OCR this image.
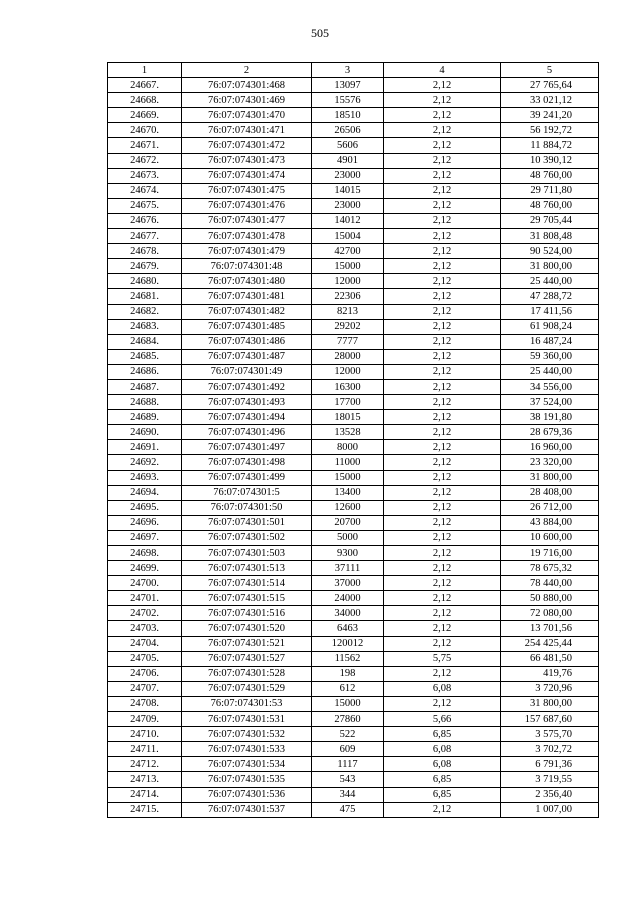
505
1	2	3	4	5
24667.	76:07:074301:468	13097	2,12	27 765,64
24668.	76:07:074301:469	15576	2,12	33 021,12
24669.	76:07:074301:470	18510	2,12	39 241,20
24670.	76:07:074301:471	26506	2,12	56 192,72
24671.	76:07:074301:472	5606	2,12	11 884,72
24672.	76:07:074301:473	4901	2,12	10 390,12
24673.	76:07:074301:474	23000	2,12	48 760,00
24674.	76:07:074301:475	14015	2,12	29 711,80
24675.	76:07:074301:476	23000	2,12	48 760,00
24676.	76:07:074301:477	14012	2,12	29 705,44
24677.	76:07:074301:478	15004	2,12	31 808,48
24678.	76:07:074301:479	42700	2,12	90 524,00
24679.	76:07:074301:48	15000	2,12	31 800,00
24680.	76:07:074301:480	12000	2,12	25 440,00
24681.	76:07:074301:481	22306	2,12	47 288,72
24682.	76:07:074301:482	8213	2,12	17 411,56
24683.	76:07:074301:485	29202	2,12	61 908,24
24684.	76:07:074301:486	7777	2,12	16 487,24
24685.	76:07:074301:487	28000	2,12	59 360,00
24686.	76:07:074301:49	12000	2,12	25 440,00
24687.	76:07:074301:492	16300	2,12	34 556,00
24688.	76:07:074301:493	17700	2,12	37 524,00
24689.	76:07:074301:494	18015	2,12	38 191,80
24690.	76:07:074301:496	13528	2,12	28 679,36
24691.	76:07:074301:497	8000	2,12	16 960,00
24692.	76:07:074301:498	11000	2,12	23 320,00
24693.	76:07:074301:499	15000	2,12	31 800,00
24694.	76:07:074301:5	13400	2,12	28 408,00
24695.	76:07:074301:50	12600	2,12	26 712,00
24696.	76:07:074301:501	20700	2,12	43 884,00
24697.	76:07:074301:502	5000	2,12	10 600,00
24698.	76:07:074301:503	9300	2,12	19 716,00
24699.	76:07:074301:513	37111	2,12	78 675,32
24700.	76:07:074301:514	37000	2,12	78 440,00
24701.	76:07:074301:515	24000	2,12	50 880,00
24702.	76:07:074301:516	34000	2,12	72 080,00
24703.	76:07:074301:520	6463	2,12	13 701,56
24704.	76:07:074301:521	120012	2,12	254 425,44
24705.	76:07:074301:527	11562	5,75	66 481,50
24706.	76:07:074301:528	198	2,12	419,76
24707.	76:07:074301:529	612	6,08	3 720,96
24708.	76:07:074301:53	15000	2,12	31 800,00
24709.	76:07:074301:531	27860	5,66	157 687,60
24710.	76:07:074301:532	522	6,85	3 575,70
24711.	76:07:074301:533	609	6,08	3 702,72
24712.	76:07:074301:534	1117	6,08	6 791,36
24713.	76:07:074301:535	543	6,85	3 719,55
24714.	76:07:074301:536	344	6,85	2 356,40
24715.	76:07:074301:537	475	2,12	1 007,00
